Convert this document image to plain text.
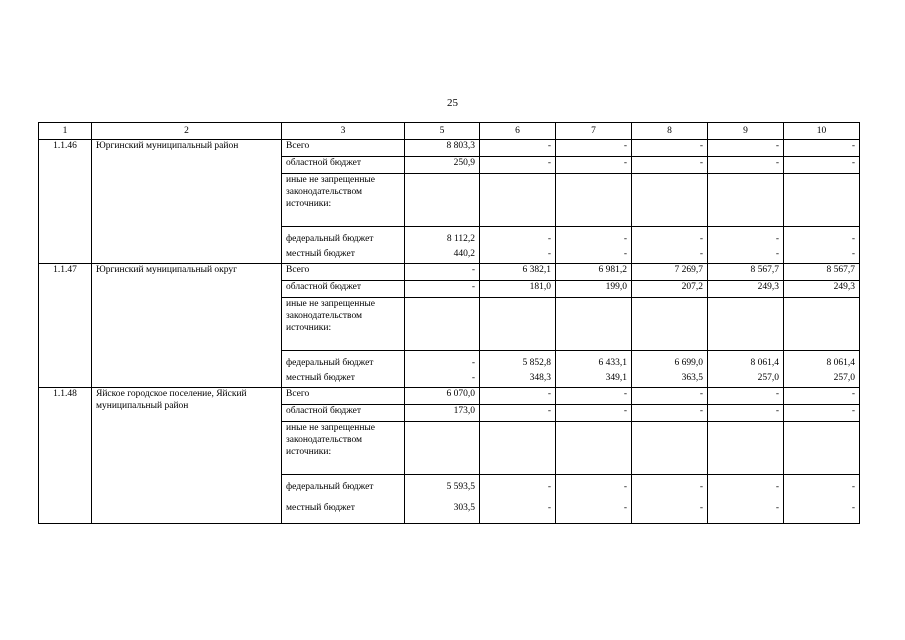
25
1	2	3	5	6	7	8	9	10
1.1.46	Юргинский муниципальный район	Всего	8 803,3	-	-	-	-	-
		областной бюджет	250,9	-	-	-	-	-
		иные не запрещенные законодательством источники:						
		федеральный бюджет	8 112,2	-	-	-	-	-
		местный бюджет	440,2	-	-	-	-	-
1.1.47	Юргинский муниципальный округ	Всего	-	6 382,1	6 981,2	7 269,7	8 567,7	8 567,7
		областной бюджет	-	181,0	199,0	207,2	249,3	249,3
		иные не запрещенные законодательством источники:						
		федеральный бюджет	-	5 852,8	6 433,1	6 699,0	8 061,4	8 061,4
		местный бюджет	-	348,3	349,1	363,5	257,0	257,0
1.1.48	Яйское городское поселение, Яйский муниципальный район	Всего	6 070,0	-	-	-	-	-
		областной бюджет	173,0	-	-	-	-	-
		иные не запрещенные законодательством источники:						
		федеральный бюджет	5 593,5	-	-	-	-	-
		местный бюджет	303,5	-	-	-	-	-
